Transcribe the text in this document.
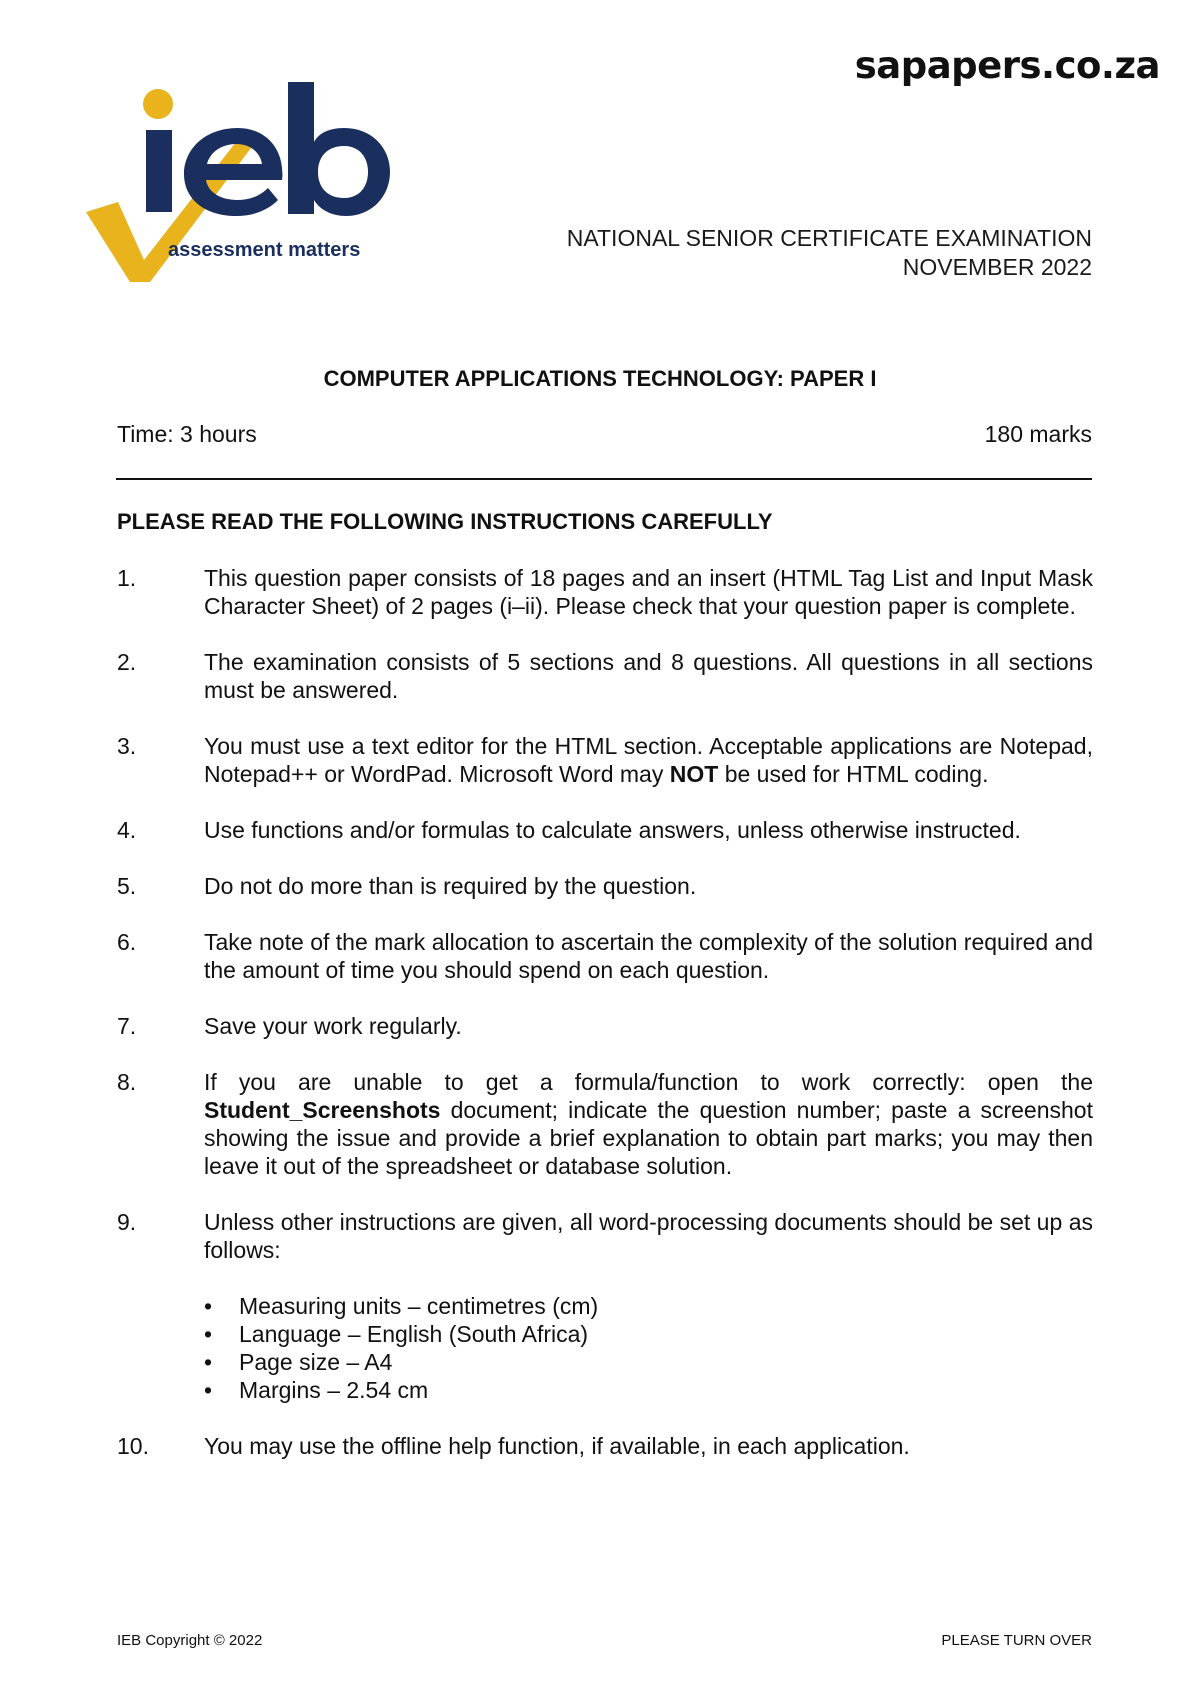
sapapers.co.za
assessment matters	NATIONAL SENIOR CERTIFICATE EXAMINATION
NOVEMBER 2022
COMPUTER APPLICATIONS TECHNOLOGY: PAPER I
Time: 3 hours	180 marks
PLEASE READ THE FOLLOWING INSTRUCTIONS CAREFULLY
1.	This question paper consists of 18 pages and an insert (HTML Tag List and Input Mask Character Sheet) of 2 pages (i–ii). Please check that your question paper is complete.
2.	The examination consists of 5 sections and 8 questions. All questions in all sections must be answered.
3.	You must use a text editor for the HTML section. Acceptable applications are Notepad, Notepad++ or WordPad. Microsoft Word may NOT be used for HTML coding.
4.	Use functions and/or formulas to calculate answers, unless otherwise instructed.
5.	Do not do more than is required by the question.
6.	Take note of the mark allocation to ascertain the complexity of the solution required and the amount of time you should spend on each question.
7.	Save your work regularly.
8.	If you are unable to get a formula/function to work correctly: open the Student_Screenshots document; indicate the question number; paste a screenshot showing the issue and provide a brief explanation to obtain part marks; you may then leave it out of the spreadsheet or database solution.
9.	Unless other instructions are given, all word-processing documents should be set up as follows:
• Measuring units – centimetres (cm)
• Language – English (South Africa)
• Page size – A4
• Margins – 2.54 cm
10.	You may use the offline help function, if available, in each application.
IEB Copyright © 2022	PLEASE TURN OVER
